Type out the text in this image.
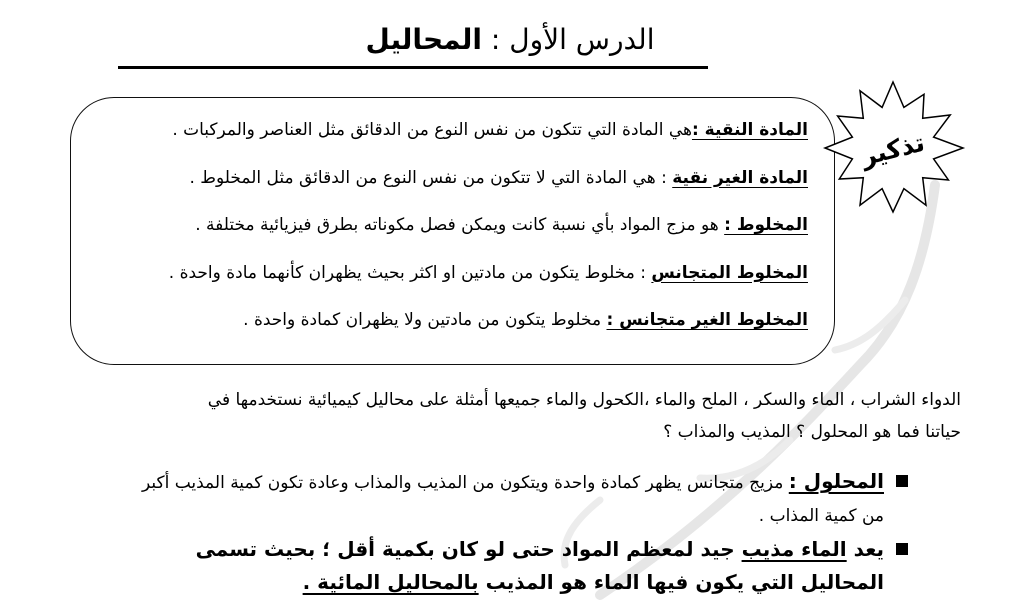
الدرس الأول : المحاليل
تذكير
المادة النقية :هي المادة التي تتكون من نفس النوع من الدقائق مثل العناصر والمركبات .
المادة الغير نقية : هي المادة التي لا تتكون من نفس النوع من الدقائق مثل المخلوط .
المخلوط : هو مزج المواد بأي نسبة كانت ويمكن فصل مكوناته بطرق فيزيائية مختلفة .
المخلوط المتجانس : مخلوط يتكون من مادتين او اكثر بحيث يظهران كأنهما مادة واحدة .
المخلوط الغير متجانس : مخلوط يتكون من مادتين ولا يظهران كمادة واحدة .
الدواء الشراب ، الماء والسكر ، الملح والماء ،الكحول والماء جميعها أمثلة على محاليل كيميائية نستخدمها في
حياتنا فما هو المحلول ؟ المذيب والمذاب ؟
المحلول : مزيج متجانس يظهر كمادة واحدة ويتكون من المذيب والمذاب وعادة تكون كمية المذيب أكبر من كمية المذاب .
يعد الماء مذيب جيد لمعظم المواد حتى لو كان بكمية أقل ؛ بحيث تسمى المحاليل التي يكون فيها الماء هو المذيب بالمحاليل المائية .
